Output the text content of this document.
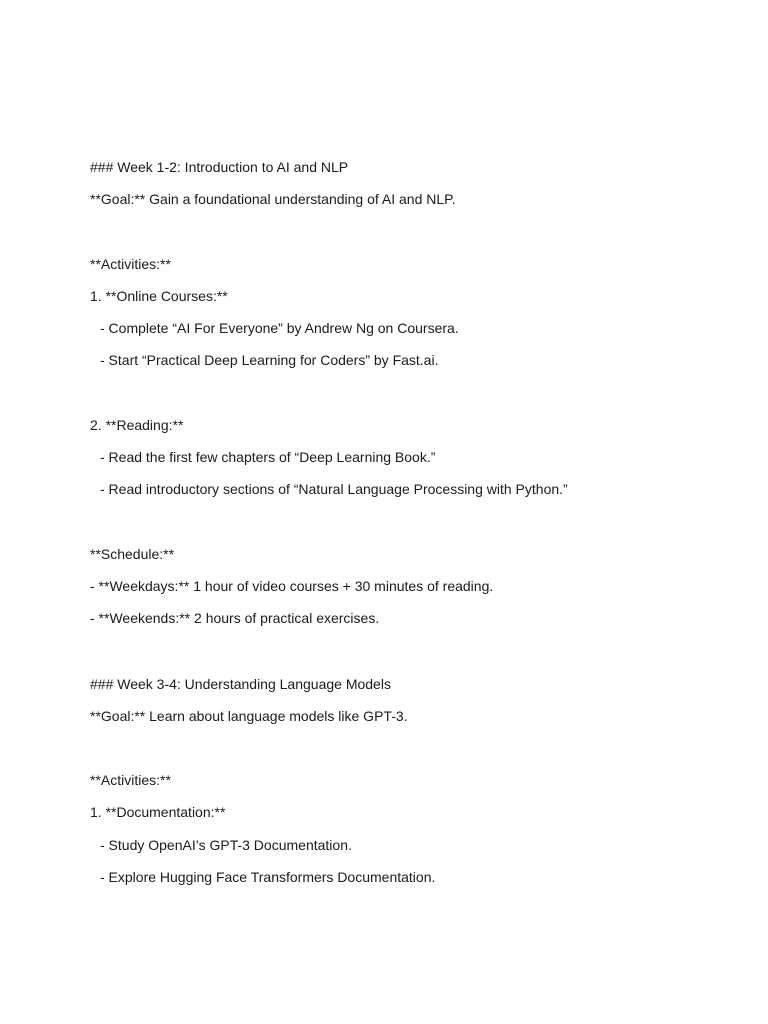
### Week 1-2: Introduction to AI and NLP
**Goal:** Gain a foundational understanding of AI and NLP.
**Activities:**
1. **Online Courses:**
- Complete “AI For Everyone” by Andrew Ng on Coursera.
- Start “Practical Deep Learning for Coders” by Fast.ai.
2. **Reading:**
- Read the first few chapters of “Deep Learning Book.”
- Read introductory sections of “Natural Language Processing with Python.”
**Schedule:**
- **Weekdays:** 1 hour of video courses + 30 minutes of reading.
- **Weekends:** 2 hours of practical exercises.
### Week 3-4: Understanding Language Models
**Goal:** Learn about language models like GPT-3.
**Activities:**
1. **Documentation:**
- Study OpenAI’s GPT-3 Documentation.
- Explore Hugging Face Transformers Documentation.
